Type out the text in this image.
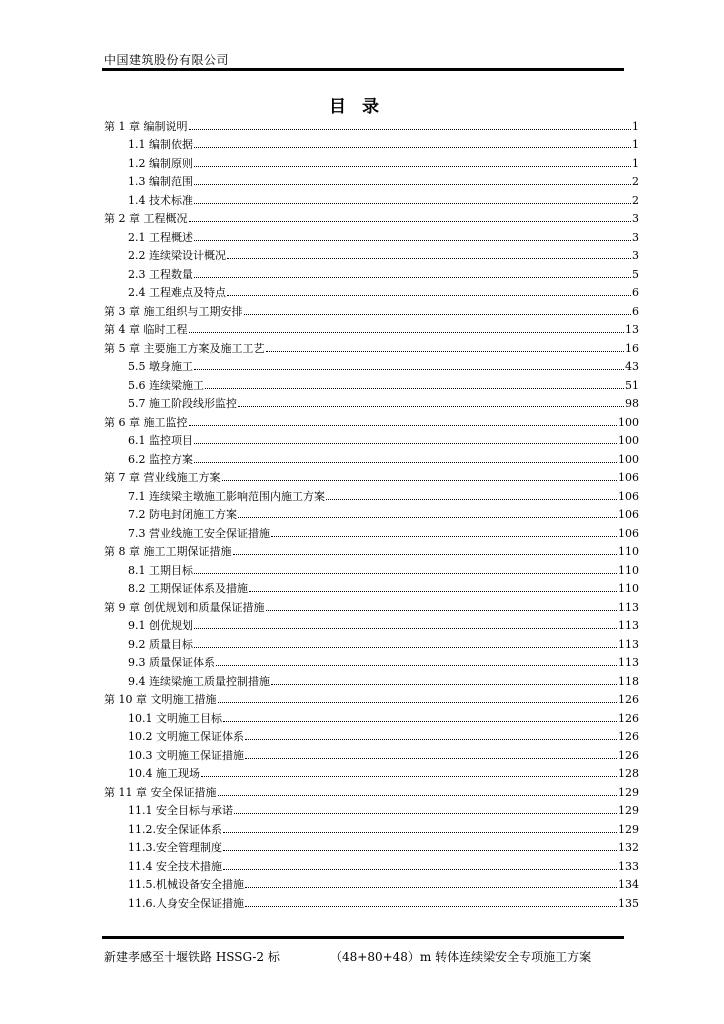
中国建筑股份有限公司
目录
第 1 章 编制说明	1
1.1 编制依据	1
1.2 编制原则	1
1.3 编制范围	2
1.4 技术标准	2
第 2 章 工程概况	3
2.1 工程概述	3
2.2 连续梁设计概况	3
2.3 工程数量	5
2.4 工程难点及特点	6
第 3 章 施工组织与工期安排	6
第 4 章 临时工程	13
第 5 章 主要施工方案及施工工艺	16
5.5 墩身施工	43
5.6 连续梁施工	51
5.7 施工阶段线形监控	98
第 6 章 施工监控	100
6.1 监控项目	100
6.2 监控方案	100
第 7 章 营业线施工方案	106
7.1 连续梁主墩施工影响范围内施工方案	106
7.2 防电封闭施工方案	106
7.3 营业线施工安全保证措施	106
第 8 章 施工工期保证措施	110
8.1 工期目标	110
8.2 工期保证体系及措施	110
第 9 章 创优规划和质量保证措施	113
9.1 创优规划	113
9.2 质量目标	113
9.3 质量保证体系	113
9.4 连续梁施工质量控制措施	118
第 10 章 文明施工措施	126
10.1 文明施工目标	126
10.2 文明施工保证体系	126
10.3 文明施工保证措施	126
10.4 施工现场	128
第 11 章 安全保证措施	129
11.1 安全目标与承诺	129
11.2.安全保证体系	129
11.3.安全管理制度	132
11.4 安全技术措施	133
11.5.机械设备安全措施	134
11.6.人身安全保证措施	135
新建孝感至十堰铁路 HSSG-2 标	（48+80+48）m 转体连续梁安全专项施工方案
